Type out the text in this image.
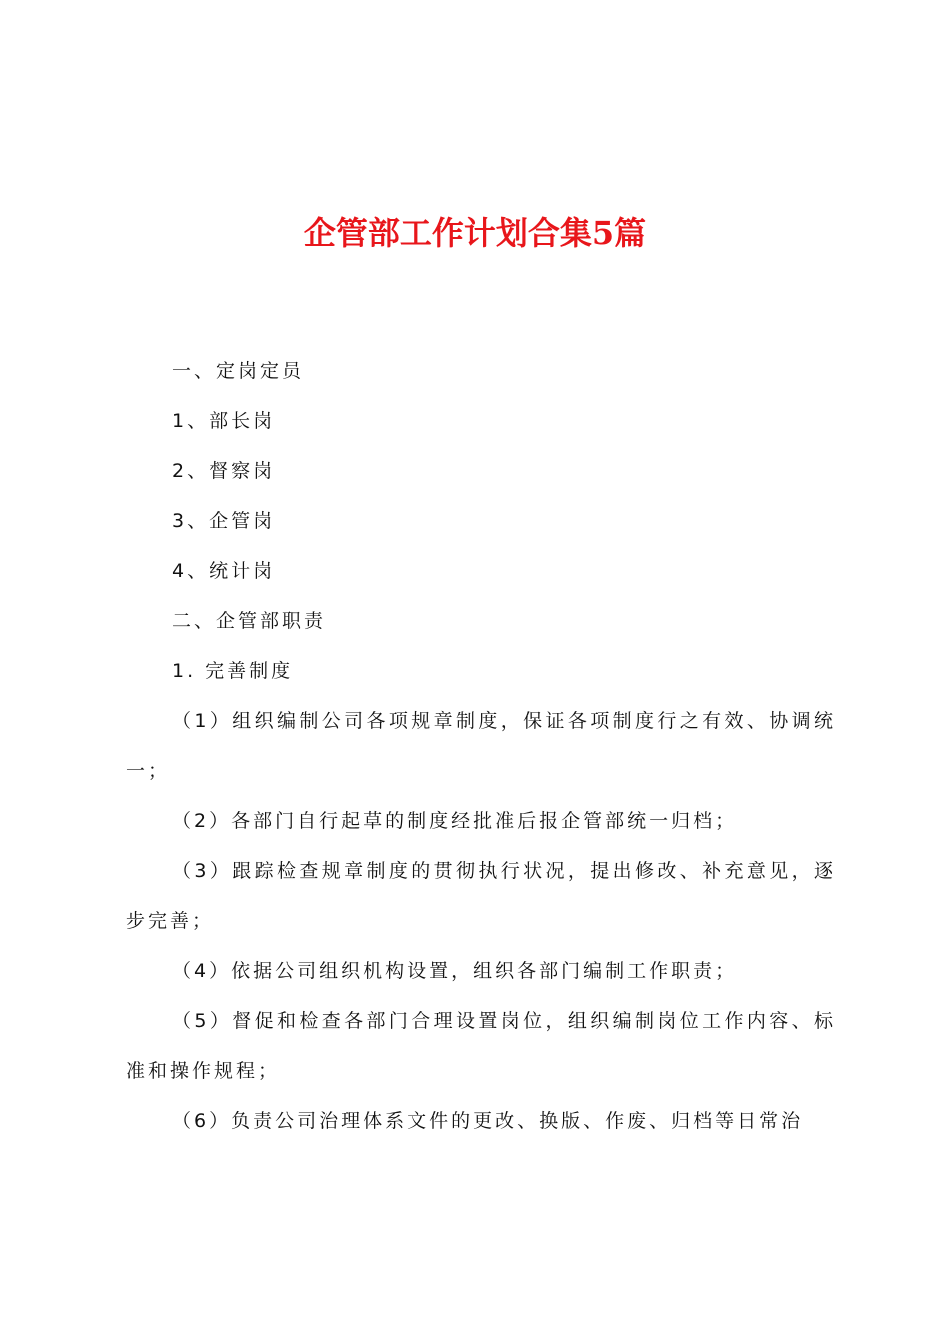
企管部工作计划合集5篇

一、定岗定员

1、部长岗

2、督察岗

3、企管岗

4、统计岗

二、企管部职责

1. 完善制度

（1）组织编制公司各项规章制度，保证各项制度行之有效、协调统一；

（2）各部门自行起草的制度经批准后报企管部统一归档；

（3）跟踪检查规章制度的贯彻执行状况，提出修改、补充意见，逐步完善；

（4）依据公司组织机构设置，组织各部门编制工作职责；

（5）督促和检查各部门合理设置岗位，组织编制岗位工作内容、标准和操作规程；

（6）负责公司治理体系文件的更改、换版、作废、归档等日常治
